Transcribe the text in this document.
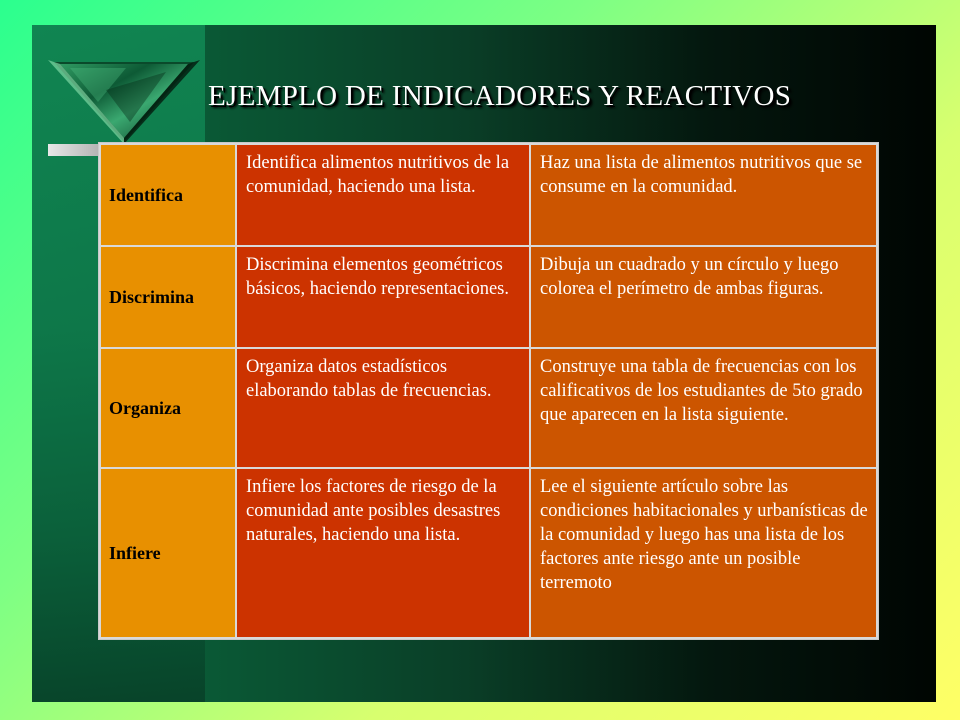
EJEMPLO DE INDICADORES Y REACTIVOS
Identifica	Identifica alimentos nutritivos de la comunidad, haciendo una lista.	Haz una lista de alimentos nutritivos que se consume en la comunidad.
Discrimina	Discrimina elementos geométricos básicos, haciendo representaciones.	Dibuja un cuadrado y un círculo y luego colorea el perímetro de ambas figuras.
Organiza	Organiza datos estadísticos elaborando tablas de frecuencias.	Construye una tabla de frecuencias con los calificativos de los estudiantes de 5to grado que aparecen en la lista siguiente.
Infiere	Infiere los factores de riesgo de la comunidad ante posibles desastres naturales, haciendo una lista.	Lee el siguiente artículo sobre las condiciones habitacionales y urbanísticas de la comunidad y luego has una lista de los factores ante riesgo ante un posible terremoto
